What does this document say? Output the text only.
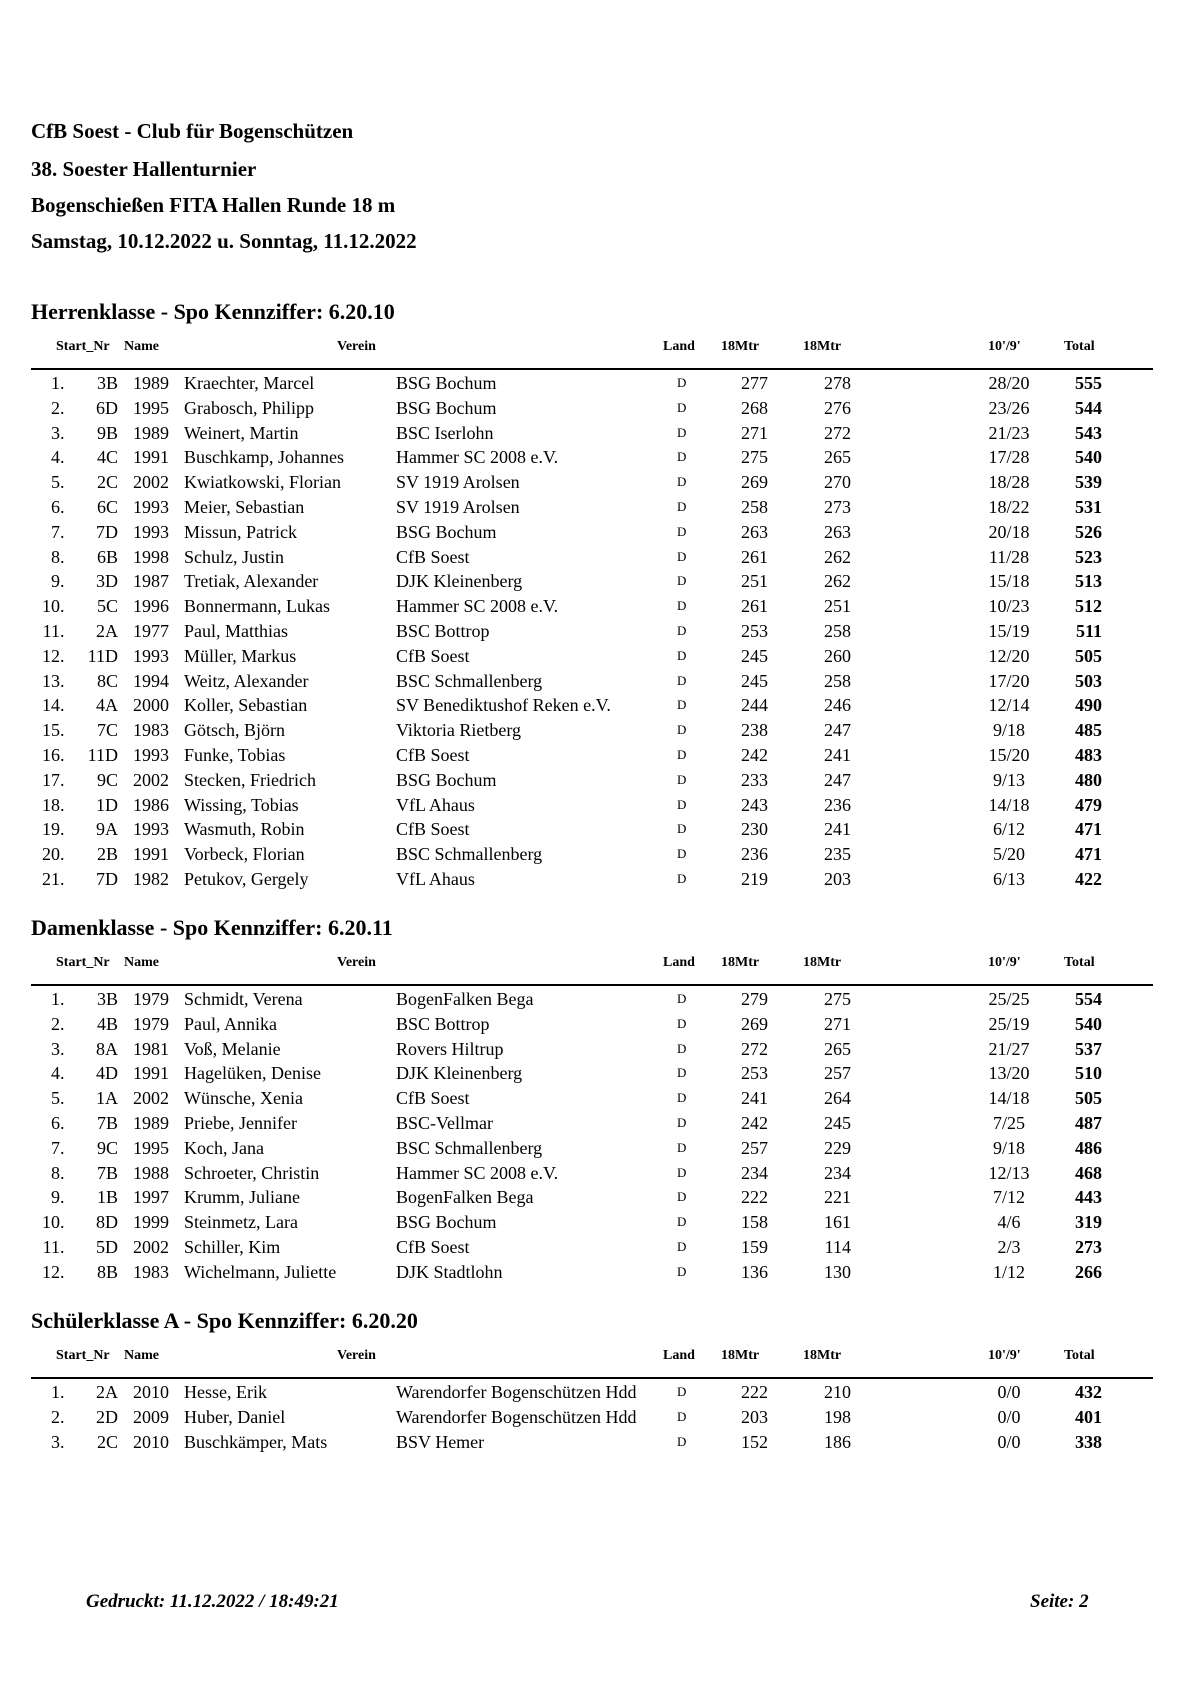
CfB Soest - Club für Bogenschützen
38. Soester Hallenturnier
Bogenschießen FITA Hallen Runde 18 m
Samstag, 10.12.2022 u. Sonntag, 11.12.2022
Herrenklasse - Spo Kennziffer: 6.20.10
Start_Nr Name	Verein	Land 18Mtr	18Mtr	10'/9'	Total
1 .	3B 1989 Kraechter, Marcel	BSG Bochum	D	277	278	28/20	555
2 .	6D 1995 Grabosch, Philipp	BSG Bochum	D	268	276	23/26	544
3 .	9B 1989 Weinert, Martin	BSC Iserlohn	D	271	272	21/23	543
4 .	4C 1991 Buschkamp, Johannes	Hammer SC 2008 e.V.	D	275	265	17/28	540
5 .	2C 2002 Kwiatkowski, Florian	SV 1919 Arolsen	D	269	270	18/28	539
6 .	6C 1993 Meier, Sebastian	SV 1919 Arolsen	D	258	273	18/22	531
7 .	7D 1993 Missun, Patrick	BSG Bochum	D	263	263	20/18	526
8 .	6B 1998 Schulz, Justin	CfB Soest	D	261	262	11/28	523
9 .	3D 1987 Tretiak, Alexander	DJK Kleinenberg	D	251	262	15/18	513
10 .	5C 1996 Bonnermann, Lukas	Hammer SC 2008 e.V.	D	261	251	10/23	512
11 .	2A 1977 Paul, Matthias	BSC Bottrop	D	253	258	15/19	511
12 .	11D 1993 Müller, Markus	CfB Soest	D	245	260	12/20	505
13 .	8C 1994 Weitz, Alexander	BSC Schmallenberg	D	245	258	17/20	503
14 .	4A 2000 Koller, Sebastian	SV Benediktushof Reken e.V.	D	244	246	12/14	490
15 .	7C 1983 Götsch, Björn	Viktoria Rietberg	D	238	247	9/18	485
16 .	11D 1993 Funke, Tobias	CfB Soest	D	242	241	15/20	483
17 .	9C 2002 Stecken, Friedrich	BSG Bochum	D	233	247	9/13	480
18 .	1D 1986 Wissing, Tobias	VfL Ahaus	D	243	236	14/18	479
19 .	9A 1993 Wasmuth, Robin	CfB Soest	D	230	241	6/12	471
20 .	2B 1991 Vorbeck, Florian	BSC Schmallenberg	D	236	235	5/20	471
21 .	7D 1982 Petukov, Gergely	VfL Ahaus	D	219	203	6/13	422
Damenklasse - Spo Kennziffer: 6.20.11
Start_Nr Name	Verein	Land 18Mtr	18Mtr	10'/9'	Total
1 .	3B 1979 Schmidt, Verena	BogenFalken Bega	D	279	275	25/25	554
2 .	4B 1979 Paul, Annika	BSC Bottrop	D	269	271	25/19	540
3 .	8A 1981 Voß, Melanie	Rovers Hiltrup	D	272	265	21/27	537
4 .	4D 1991 Hagelüken, Denise	DJK Kleinenberg	D	253	257	13/20	510
5 .	1A 2002 Wünsche, Xenia	CfB Soest	D	241	264	14/18	505
6 .	7B 1989 Priebe, Jennifer	BSC-Vellmar	D	242	245	7/25	487
7 .	9C 1995 Koch, Jana	BSC Schmallenberg	D	257	229	9/18	486
8 .	7B 1988 Schroeter, Christin	Hammer SC 2008 e.V.	D	234	234	12/13	468
9 .	1B 1997 Krumm, Juliane	BogenFalken Bega	D	222	221	7/12	443
10 .	8D 1999 Steinmetz, Lara	BSG Bochum	D	158	161	4/6	319
11 .	5D 2002 Schiller, Kim	CfB Soest	D	159	114	2/3	273
12 .	8B 1983 Wichelmann, Juliette	DJK Stadtlohn	D	136	130	1/12	266
Schülerklasse A - Spo Kennziffer: 6.20.20
Start_Nr Name	Verein	Land 18Mtr	18Mtr	10'/9'	Total
1 .	2A 2010 Hesse, Erik	Warendorfer Bogenschützen Hdd	D	222	210	0/0	432
2 .	2D 2009 Huber, Daniel	Warendorfer Bogenschützen Hdd	D	203	198	0/0	401
3 .	2C 2010 Buschkämper, Mats	BSV Hemer	D	152	186	0/0	338
Gedruckt: 11.12.2022 / 18:49:21	Seite: 2
